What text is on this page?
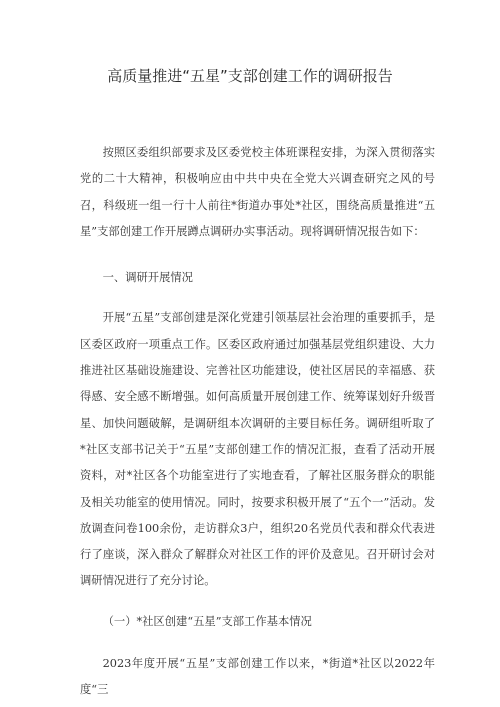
高质量推进“五星”支部创建工作的调研报告

按照区委组织部要求及区委党校主体班课程安排，为深入贯彻落实党的二十大精神，积极响应由中共中央在全党大兴调查研究之风的号召，科级班一组一行十人前往*街道办事处*社区，围绕高质量推进“五星”支部创建工作开展蹲点调研办实事活动。现将调研情况报告如下：

一、调研开展情况

开展“五星”支部创建是深化党建引领基层社会治理的重要抓手，是区委区政府一项重点工作。区委区政府通过加强基层党组织建设、大力推进社区基础设施建设、完善社区功能建设，使社区居民的幸福感、获得感、安全感不断增强。如何高质量开展创建工作、统筹谋划好升级晋星、加快问题破解，是调研组本次调研的主要目标任务。调研组听取了*社区支部书记关于“五星”支部创建工作的情况汇报，查看了活动开展资料，对*社区各个功能室进行了实地查看，了解社区服务群众的职能及相关功能室的使用情况。同时，按要求积极开展了“五个一”活动。发放调查问卷100余份，走访群众3户，组织20名党员代表和群众代表进行了座谈，深入群众了解群众对社区工作的评价及意见。召开研讨会对调研情况进行了充分讨论。

（一）*社区创建“五星”支部工作基本情况

2023年度开展“五星”支部创建工作以来，*街道*社区以2022年度“三
